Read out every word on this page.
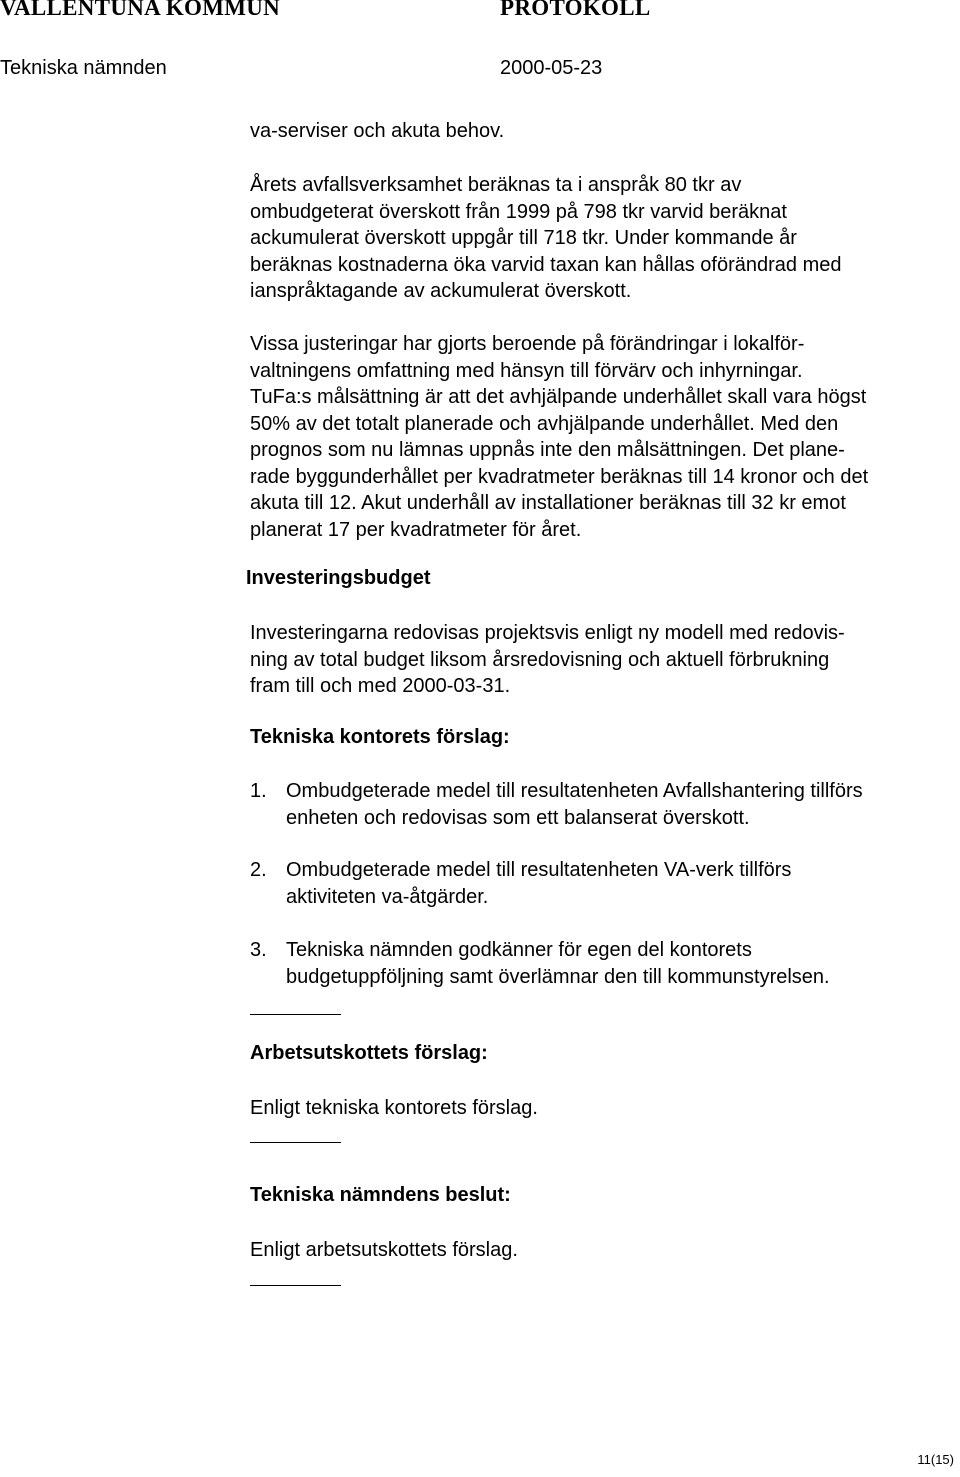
VALLENTUNA KOMMUN	PROTOKOLL
Tekniska nämnden	2000-05-23
va-serviser och akuta behov.
Årets avfallsverksamhet beräknas ta i anspråk 80 tkr av
ombudgeterat överskott från 1999 på 798 tkr varvid beräknat
ackumulerat överskott uppgår till 718 tkr. Under kommande år
beräknas kostnaderna öka varvid taxan kan hållas oförändrad med
ianspråktagande av ackumulerat överskott.
Vissa justeringar har gjorts beroende på förändringar i lokalför-
valtningens omfattning med hänsyn till förvärv och inhyrningar.
TuFa:s målsättning är att det avhjälpande underhållet skall vara högst
50% av det totalt planerade och avhjälpande underhållet. Med den
prognos som nu lämnas uppnås inte den målsättningen. Det plane-
rade byggunderhållet per kvadratmeter beräknas till 14 kronor och det
akuta till 12. Akut underhåll av installationer beräknas till 32 kr emot
planerat 17 per kvadratmeter för året.
Investeringsbudget
Investeringarna redovisas projektsvis enligt ny modell med redovis-
ning av total budget liksom årsredovisning och aktuell förbrukning
fram till och med 2000-03-31.
Tekniska kontorets förslag:
1. Ombudgeterade medel till resultatenheten Avfallshantering tillförs
enheten och redovisas som ett balanserat överskott.
2. Ombudgeterade medel till resultatenheten VA-verk tillförs
aktiviteten va-åtgärder.
3. Tekniska nämnden godkänner för egen del kontorets
budgetuppföljning samt överlämnar den till kommunstyrelsen.
Arbetsutskottets förslag:
Enligt tekniska kontorets förslag.
Tekniska nämndens beslut:
Enligt arbetsutskottets förslag.
11(15)
